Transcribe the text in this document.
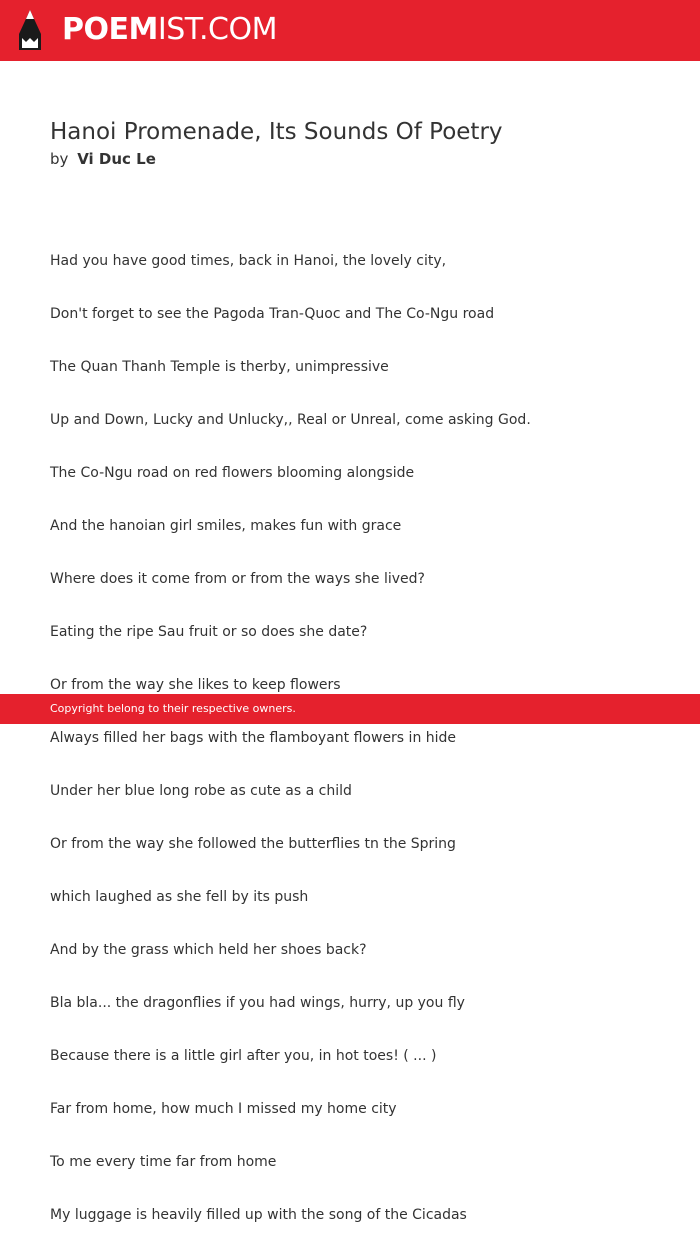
POEMIST.COM
Hanoi Promenade, Its Sounds Of Poetry
by Vi Duc Le

Had you have good times, back in Hanoi, the lovely city,

Don't forget to see the Pagoda Tran-Quoc and The Co-Ngu road

The Quan Thanh Temple is therby, unimpressive

Up and Down, Lucky and Unlucky,, Real or Unreal, come asking God.

The Co-Ngu road on red flowers blooming alongside

And the hanoian girl smiles, makes fun with grace

Where does it come from or from the ways she lived?

Eating the ripe Sau fruit or so does she date?

Or from the way she likes to keep flowers

Always filled her bags with the flamboyant flowers in hide

Under her blue long robe as cute as a child

Or from the way she followed the butterflies tn the Spring

which laughed as she fell by its push

And by the grass which held her shoes back?

Bla bla... the dragonflies if you had wings, hurry, up you fly

Because there is a little girl after you, in hot toes! ( ... )

Far from home, how much I missed my home city

To me every time far from home

My luggage is heavily filled up with the song of the Cicadas

Copyright belong to their respective owners.
